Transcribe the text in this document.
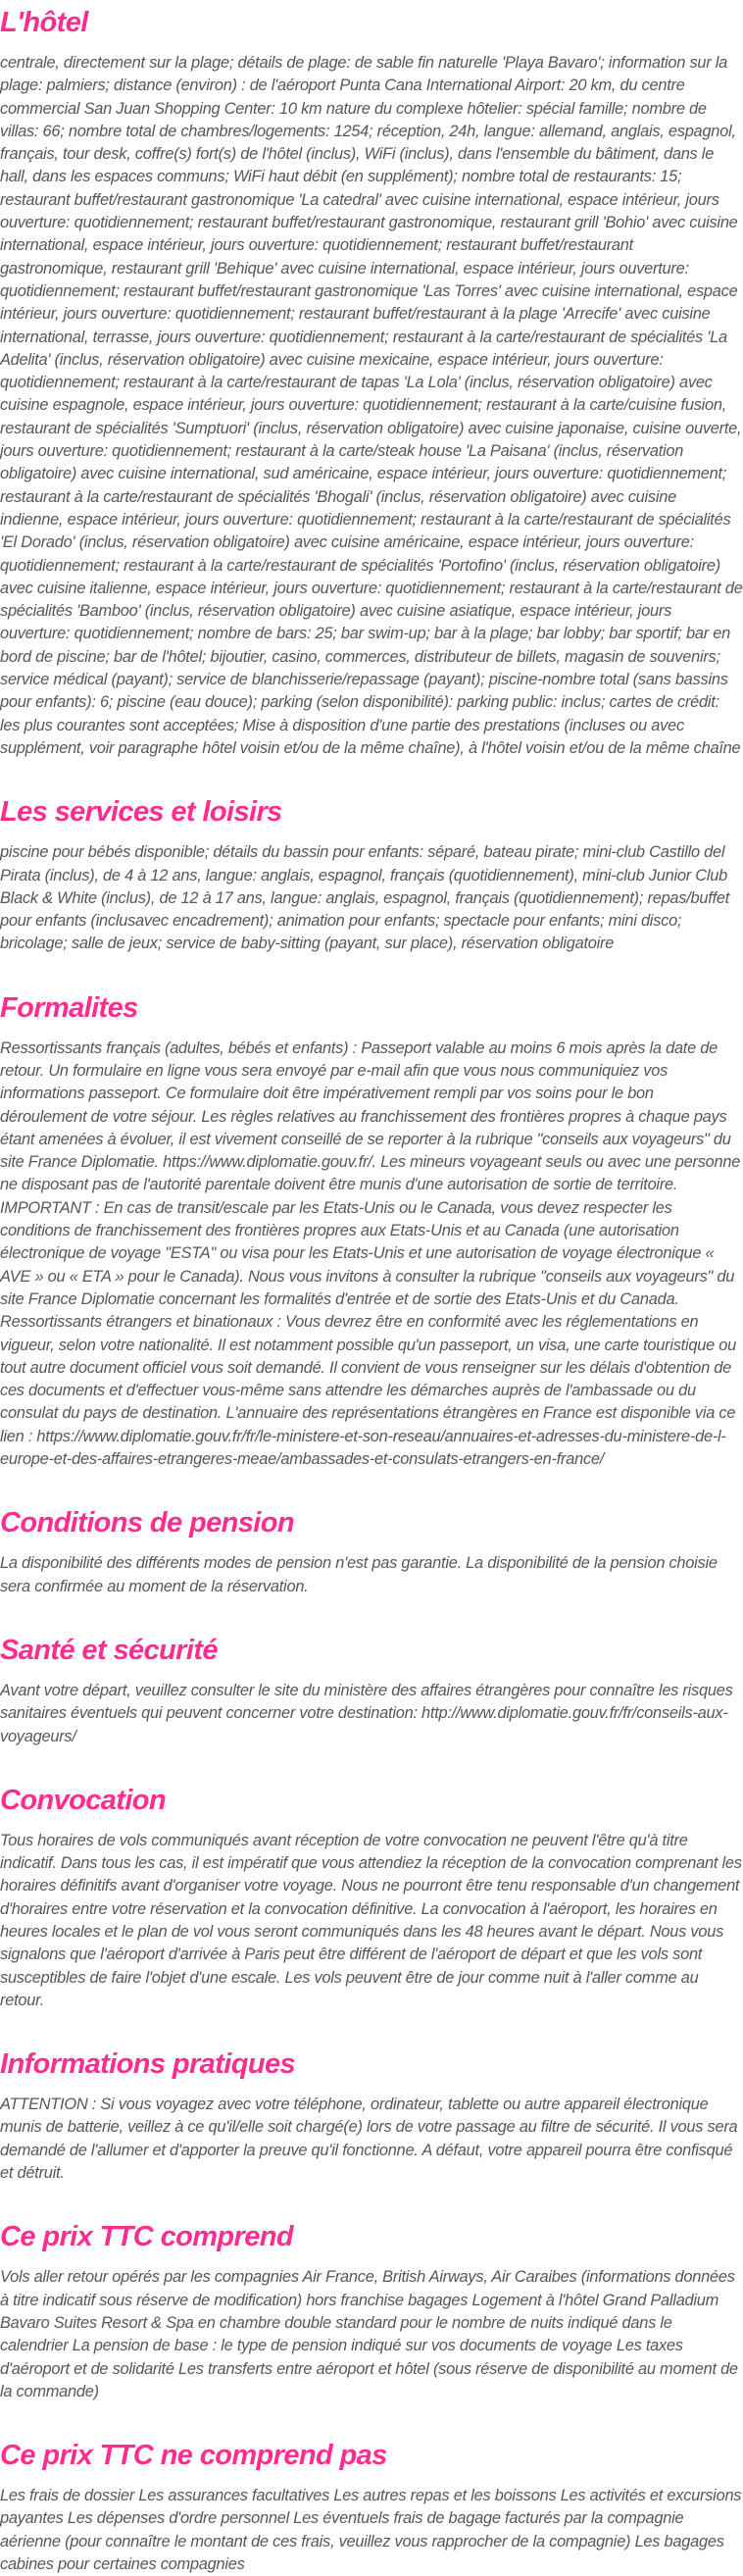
L'hôtel

centrale, directement sur la plage; détails de plage: de sable fin naturelle 'Playa Bavaro'; information sur la plage: palmiers; distance (environ) : de l'aéroport Punta Cana International Airport: 20 km, du centre commercial San Juan Shopping Center: 10 km nature du complexe hôtelier: spécial famille; nombre de villas: 66; nombre total de chambres/logements: 1254; réception, 24h, langue: allemand, anglais, espagnol, français, tour desk, coffre(s) fort(s) de l'hôtel (inclus), WiFi (inclus), dans l'ensemble du bâtiment, dans le hall, dans les espaces communs; WiFi haut débit (en supplément); nombre total de restaurants: 15; restaurant buffet/restaurant gastronomique 'La catedral' avec cuisine international, espace intérieur, jours ouverture: quotidiennement; restaurant buffet/restaurant gastronomique, restaurant grill 'Bohio' avec cuisine international, espace intérieur, jours ouverture: quotidiennement; restaurant buffet/restaurant gastronomique, restaurant grill 'Behique' avec cuisine international, espace intérieur, jours ouverture: quotidiennement; restaurant buffet/restaurant gastronomique 'Las Torres' avec cuisine international, espace intérieur, jours ouverture: quotidiennement; restaurant buffet/restaurant à la plage 'Arrecife' avec cuisine international, terrasse, jours ouverture: quotidiennement; restaurant à la carte/restaurant de spécialités 'La Adelita' (inclus, réservation obligatoire) avec cuisine mexicaine, espace intérieur, jours ouverture: quotidiennement; restaurant à la carte/restaurant de tapas 'La Lola' (inclus, réservation obligatoire) avec cuisine espagnole, espace intérieur, jours ouverture: quotidiennement; restaurant à la carte/cuisine fusion, restaurant de spécialités 'Sumptuori' (inclus, réservation obligatoire) avec cuisine japonaise, cuisine ouverte, jours ouverture: quotidiennement; restaurant à la carte/steak house 'La Paisana' (inclus, réservation obligatoire) avec cuisine international, sud américaine, espace intérieur, jours ouverture: quotidiennement; restaurant à la carte/restaurant de spécialités 'Bhogali' (inclus, réservation obligatoire) avec cuisine indienne, espace intérieur, jours ouverture: quotidiennement; restaurant à la carte/restaurant de spécialités 'El Dorado' (inclus, réservation obligatoire) avec cuisine américaine, espace intérieur, jours ouverture: quotidiennement; restaurant à la carte/restaurant de spécialités 'Portofino' (inclus, réservation obligatoire) avec cuisine italienne, espace intérieur, jours ouverture: quotidiennement; restaurant à la carte/restaurant de spécialités 'Bamboo' (inclus, réservation obligatoire) avec cuisine asiatique, espace intérieur, jours ouverture: quotidiennement; nombre de bars: 25; bar swim-up; bar à la plage; bar lobby; bar sportif; bar en bord de piscine; bar de l'hôtel; bijoutier, casino, commerces, distributeur de billets, magasin de souvenirs; service médical (payant); service de blanchisserie/repassage (payant); piscine-nombre total (sans bassins pour enfants): 6; piscine (eau douce); parking (selon disponibilité): parking public: inclus; cartes de crédit: les plus courantes sont acceptées; Mise à disposition d'une partie des prestations (incluses ou avec supplément, voir paragraphe hôtel voisin et/ou de la même chaîne), à l'hôtel voisin et/ou de la même chaîne

Les services et loisirs

piscine pour bébés disponible; détails du bassin pour enfants: séparé, bateau pirate; mini-club Castillo del Pirata (inclus), de 4 à 12 ans, langue: anglais, espagnol, français (quotidiennement), mini-club Junior Club Black & White (inclus), de 12 à 17 ans, langue: anglais, espagnol, français (quotidiennement); repas/buffet pour enfants (inclusavec encadrement); animation pour enfants; spectacle pour enfants; mini disco; bricolage; salle de jeux; service de baby-sitting (payant, sur place), réservation obligatoire

Formalites

Ressortissants français (adultes, bébés et enfants) : Passeport valable au moins 6 mois après la date de retour. Un formulaire en ligne vous sera envoyé par e-mail afin que vous nous communiquiez vos informations passeport. Ce formulaire doit être impérativement rempli par vos soins pour le bon déroulement de votre séjour. Les règles relatives au franchissement des frontières propres à chaque pays étant amenées à évoluer, il est vivement conseillé de se reporter à la rubrique "conseils aux voyageurs" du site France Diplomatie. https://www.diplomatie.gouv.fr/. Les mineurs voyageant seuls ou avec une personne ne disposant pas de l'autorité parentale doivent être munis d'une autorisation de sortie de territoire. IMPORTANT : En cas de transit/escale par les Etats-Unis ou le Canada, vous devez respecter les conditions de franchissement des frontières propres aux Etats-Unis et au Canada (une autorisation électronique de voyage "ESTA" ou visa pour les Etats-Unis et une autorisation de voyage électronique « AVE » ou « ETA » pour le Canada). Nous vous invitons à consulter la rubrique "conseils aux voyageurs" du site France Diplomatie concernant les formalités d'entrée et de sortie des Etats-Unis et du Canada. Ressortissants étrangers et binationaux : Vous devrez être en conformité avec les réglementations en vigueur, selon votre nationalité. Il est notamment possible qu'un passeport, un visa, une carte touristique ou tout autre document officiel vous soit demandé. Il convient de vous renseigner sur les délais d'obtention de ces documents et d'effectuer vous-même sans attendre les démarches auprès de l'ambassade ou du consulat du pays de destination. L'annuaire des représentations étrangères en France est disponible via ce lien : https://www.diplomatie.gouv.fr/fr/le-ministere-et-son-reseau/annuaires-et-adresses-du-ministere-de-l-europe-et-des-affaires-etrangeres-meae/ambassades-et-consulats-etrangers-en-france/

Conditions de pension

La disponibilité des différents modes de pension n'est pas garantie. La disponibilité de la pension choisie sera confirmée au moment de la réservation.

Santé et sécurité

Avant votre départ, veuillez consulter le site du ministère des affaires étrangères pour connaître les risques sanitaires éventuels qui peuvent concerner votre destination: http://www.diplomatie.gouv.fr/fr/conseils-aux-voyageurs/

Convocation

Tous horaires de vols communiqués avant réception de votre convocation ne peuvent l'être qu'à titre indicatif. Dans tous les cas, il est impératif que vous attendiez la réception de la convocation comprenant les horaires définitifs avant d'organiser votre voyage. Nous ne pourront être tenu responsable d'un changement d'horaires entre votre réservation et la convocation définitive. La convocation à l'aéroport, les horaires en heures locales et le plan de vol vous seront communiqués dans les 48 heures avant le départ. Nous vous signalons que l'aéroport d'arrivée à Paris peut être différent de l'aéroport de départ et que les vols sont susceptibles de faire l'objet d'une escale. Les vols peuvent être de jour comme nuit à l'aller comme au retour.

Informations pratiques

ATTENTION : Si vous voyagez avec votre téléphone, ordinateur, tablette ou autre appareil électronique munis de batterie, veillez à ce qu'il/elle soit chargé(e) lors de votre passage au filtre de sécurité. Il vous sera demandé de l'allumer et d'apporter la preuve qu'il fonctionne. A défaut, votre appareil pourra être confisqué et détruit.

Ce prix TTC comprend

Vols aller retour opérés par les compagnies Air France, British Airways, Air Caraibes (informations données à titre indicatif sous réserve de modification) hors franchise bagages Logement à l'hôtel Grand Palladium Bavaro Suites Resort & Spa en chambre double standard pour le nombre de nuits indiqué dans le calendrier La pension de base : le type de pension indiqué sur vos documents de voyage Les taxes d'aéroport et de solidarité Les transferts entre aéroport et hôtel (sous réserve de disponibilité au moment de la commande)

Ce prix TTC ne comprend pas

Les frais de dossier Les assurances facultatives Les autres repas et les boissons Les activités et excursions payantes Les dépenses d'ordre personnel Les éventuels frais de bagage facturés par la compagnie aérienne (pour connaître le montant de ces frais, veuillez vous rapprocher de la compagnie) Les bagages cabines pour certaines compagnies
